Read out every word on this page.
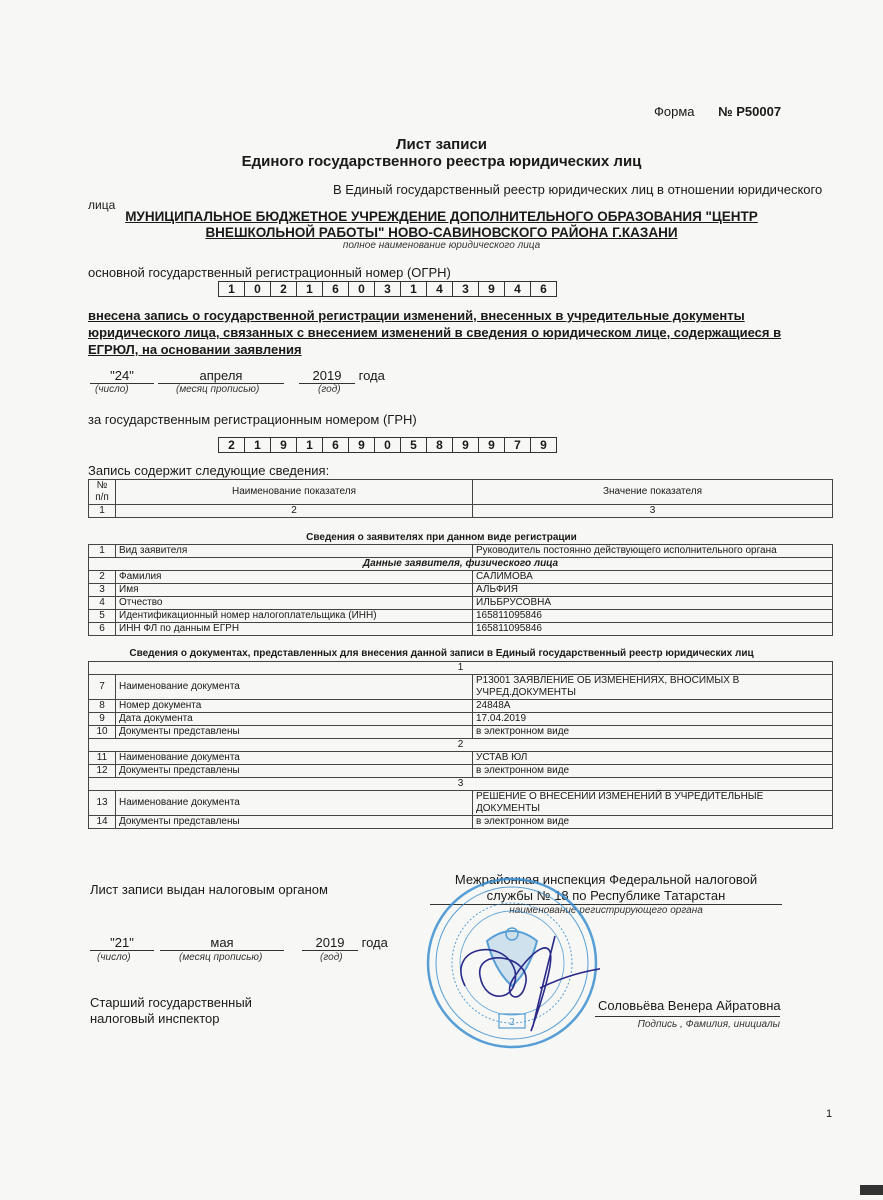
Форма № Р50007
Лист записи
Единого государственного реестра юридических лиц
В Единый государственный реестр юридических лиц в отношении юридического
лица
МУНИЦИПАЛЬНОЕ БЮДЖЕТНОЕ УЧРЕЖДЕНИЕ ДОПОЛНИТЕЛЬНОГО ОБРАЗОВАНИЯ "ЦЕНТР
ВНЕШКОЛЬНОЙ РАБОТЫ" НОВО-САВИНОВСКОГО РАЙОНА Г.КАЗАНИ
полное наименование юридического лица
основной государственный регистрационный номер (ОГРН)
1	0	2	1	6	0	3	1	4	3	9	4	6
внесена запись о государственной регистрации изменений, внесенных в учредительные документы юридического лица, связанных с внесением изменений в сведения о юридическом лице, содержащиеся в ЕГРЮЛ, на основании заявления
"24"
(число)
апреля
(месяц прописью)
2019 года
(год)
за государственным регистрационным номером (ГРН)
2	1	9	1	6	9	0	5	8	9	9	7	9
Запись содержит следующие сведения:
№ п/п	Наименование показателя	Значение показателя
1	2	3
Сведения о заявителях при данном виде регистрации
1	Вид заявителя	Руководитель постоянно действующего исполнительного органа
Данные заявителя, физического лица		
2	Фамилия	САЛИМОВА
3	Имя	АЛЬФИЯ
4	Отчество	ИЛЬБРУСОВНА
5	Идентификационный номер налогоплательщика (ИНН)	165811095846
6	ИНН ФЛ по данным ЕГРН	165811095846
Сведения о документах, представленных для внесения данной записи в Единый государственный реестр юридических лиц
1		
7	Наименование документа	Р13001 ЗАЯВЛЕНИЕ ОБ ИЗМЕНЕНИЯХ, ВНОСИМЫХ В УЧРЕД.ДОКУМЕНТЫ
8	Номер документа	24848А
9	Дата документа	17.04.2019
10	Документы представлены	в электронном виде
2		
11	Наименование документа	УСТАВ ЮЛ
12	Документы представлены	в электронном виде
3		
13	Наименование документа	РЕШЕНИЕ О ВНЕСЕНИИ ИЗМЕНЕНИЙ В УЧРЕДИТЕЛЬНЫЕ ДОКУМЕНТЫ
14	Документы представлены	в электронном виде
Лист записи выдан налоговым органом
Межрайонная инспекция Федеральной налоговой
службы № 18 по Республике Татарстан
наименование регистрирующего органа
"21"
(число)
мая
(месяц прописью)
2019 года
(год)
Старший государственный
налоговый инспектор	2
Соловьёва Венера Айратовна
Подпись , Фамилия, инициалы
1
